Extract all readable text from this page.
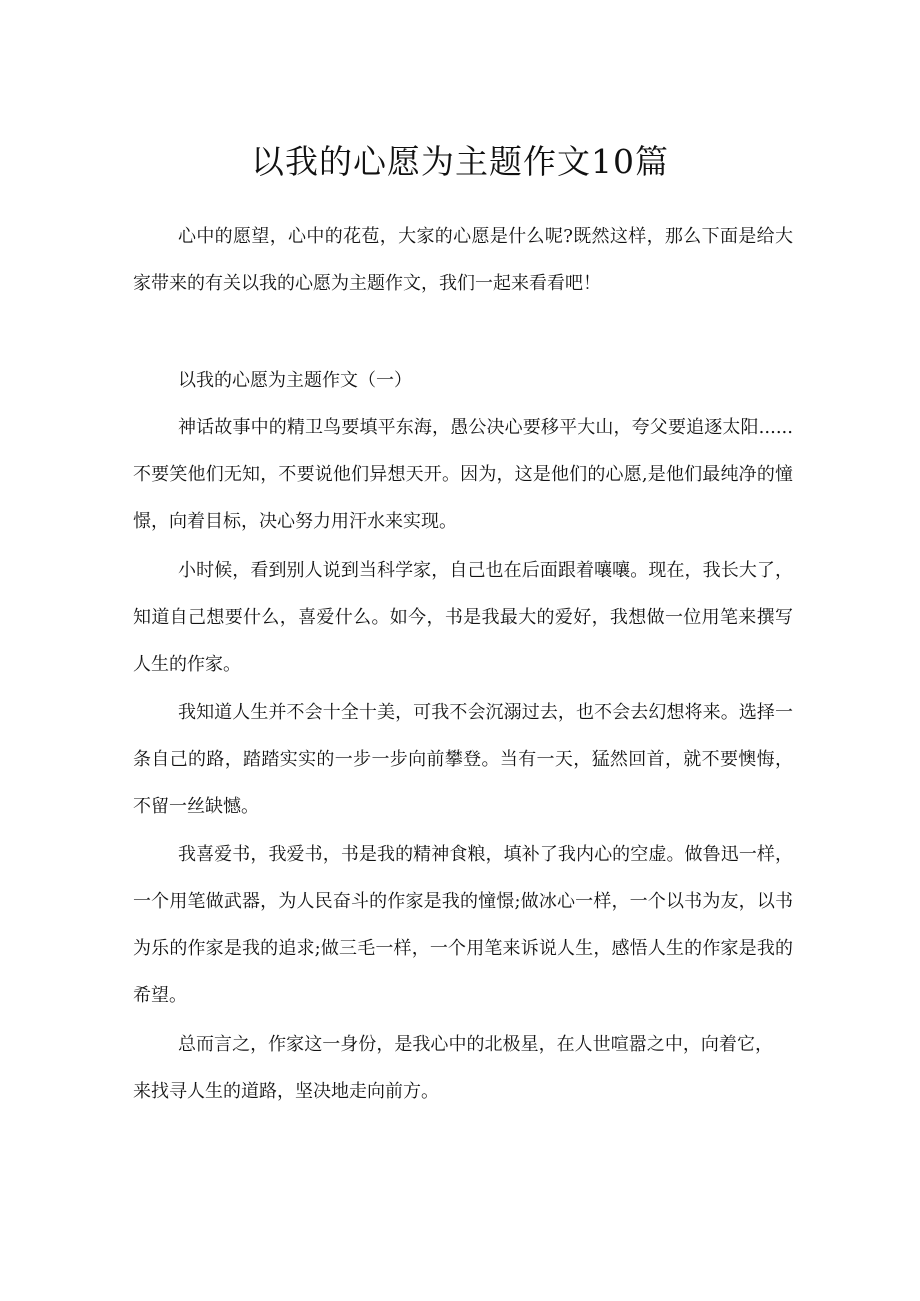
以我的心愿为主题作文10篇

心中的愿望，心中的花苞，大家的心愿是什么呢?既然这样，那么下面是给大家带来的有关以我的心愿为主题作文，我们一起来看看吧！

以我的心愿为主题作文（一）

神话故事中的精卫鸟要填平东海，愚公决心要移平大山，夸父要追逐太阳......不要笑他们无知，不要说他们异想天开。因为，这是他们的心愿,是他们最纯净的憧憬，向着目标，决心努力用汗水来实现。

小时候，看到别人说到当科学家，自己也在后面跟着嚷嚷。现在，我长大了，知道自己想要什么，喜爱什么。如今，书是我最大的爱好，我想做一位用笔来撰写人生的作家。

我知道人生并不会十全十美，可我不会沉溺过去，也不会去幻想将来。选择一条自己的路，踏踏实实的一步一步向前攀登。当有一天，猛然回首，就不要懊悔，不留一丝缺憾。

我喜爱书，我爱书，书是我的精神食粮，填补了我内心的空虚。做鲁迅一样，一个用笔做武器，为人民奋斗的作家是我的憧憬;做冰心一样，一个以书为友，以书为乐的作家是我的追求;做三毛一样，一个用笔来诉说人生，感悟人生的作家是我的希望。

总而言之，作家这一身份，是我心中的北极星，在人世喧嚣之中，向着它，来找寻人生的道路，坚决地走向前方。
